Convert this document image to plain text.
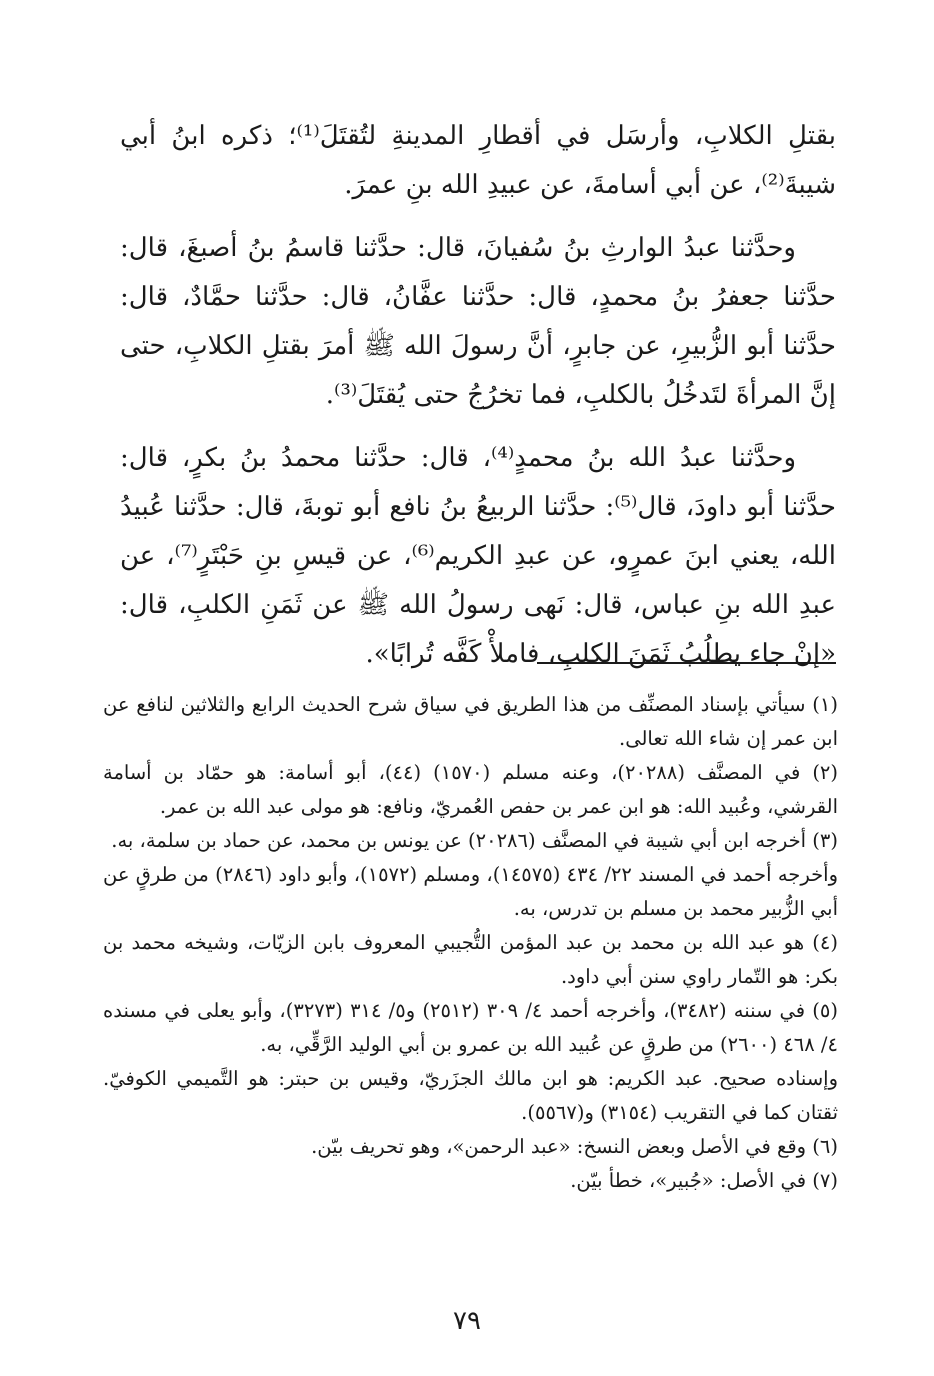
بقتلِ الكلابِ، وأرسَل في أقطارِ المدينةِ لتُقتَلَ⁽¹⁾؛ ذكره ابنُ أبي شيبةَ⁽²⁾، عن أبي أسامةَ، عن عبيدِ الله بنِ عمرَ.

وحدَّثنا عبدُ الوارثِ بنُ سُفيانَ، قال: حدَّثنا قاسمُ بنُ أصبغَ، قال: حدَّثنا جعفرُ بنُ محمدٍ، قال: حدَّثنا عفَّانُ، قال: حدَّثنا حمَّادٌ، قال: حدَّثنا أبو الزُّبيرِ، عن جابرٍ، أنَّ رسولَ الله ﷺ أمرَ بقتلِ الكلابِ، حتى إنَّ المرأةَ لتَدخُلُ بالكلبِ، فما تخرُجُ حتى يُقتَلَ⁽³⁾.

وحدَّثنا عبدُ الله بنُ محمدٍ⁽⁴⁾، قال: حدَّثنا محمدُ بنُ بكرٍ، قال: حدَّثنا أبو داودَ، قال⁽⁵⁾: حدَّثنا الربيعُ بنُ نافع أبو توبةَ، قال: حدَّثنا عُبيدُ الله، يعني ابنَ عمرٍو، عن عبدِ الكريم⁽⁶⁾، عن قيسِ بنِ حَبْتَرٍ⁽⁷⁾، عن عبدِ الله بنِ عباس، قال: نَهى رسولُ الله ﷺ عن ثَمَنِ الكلبِ، قال: «إنْ جاء يطلُبُ ثَمَنَ الكلبِ، فاملأْ كَفَّه تُرابًا».

(١) سيأتي بإسناد المصنِّف من هذا الطريق في سياق شرح الحديث الرابع والثلاثين لنافع عن ابن عمر إن شاء الله تعالى.

(٢) في المصنَّف (٢٠٢٨٨)، وعنه مسلم (١٥٧٠) (٤٤)، أبو أسامة: هو حمّاد بن أسامة القرشي، وعُبيد الله: هو ابن عمر بن حفص العُمريّ، ونافع: هو مولى عبد الله بن عمر.

(٣) أخرجه ابن أبي شيبة في المصنَّف (٢٠٢٨٦) عن يونس بن محمد، عن حماد بن سلمة، به.

وأخرجه أحمد في المسند ٢٢/ ٤٣٤ (١٤٥٧٥)، ومسلم (١٥٧٢)، وأبو داود (٢٨٤٦) من طرقٍ عن أبي الزُّبير محمد بن مسلم بن تدرس، به.

(٤) هو عبد الله بن محمد بن عبد المؤمن التُّجيبي المعروف بابن الزيّات، وشيخه محمد بن بكر: هو التّمار راوي سنن أبي داود.

(٥) في سننه (٣٤٨٢)، وأخرجه أحمد ٤/ ٣٠٩ (٢٥١٢) و٥/ ٣١٤ (٣٢٧٣)، وأبو يعلى في مسنده ٤/ ٤٦٨ (٢٦٠٠) من طرقٍ عن عُبيد الله بن عمرو بن أبي الوليد الرَّقِّي، به.

وإسناده صحيح. عبد الكريم: هو ابن مالك الجزَريّ، وقيس بن حبتر: هو التَّميمي الكوفيّ. ثقتان كما في التقريب (٣١٥٤) و(٥٥٦٧).

(٦) وقع في الأصل وبعض النسخ: «عبد الرحمن»، وهو تحريف بيّن.

(٧) في الأصل: «جُبير»، خطأ بيّن.

٧٩
